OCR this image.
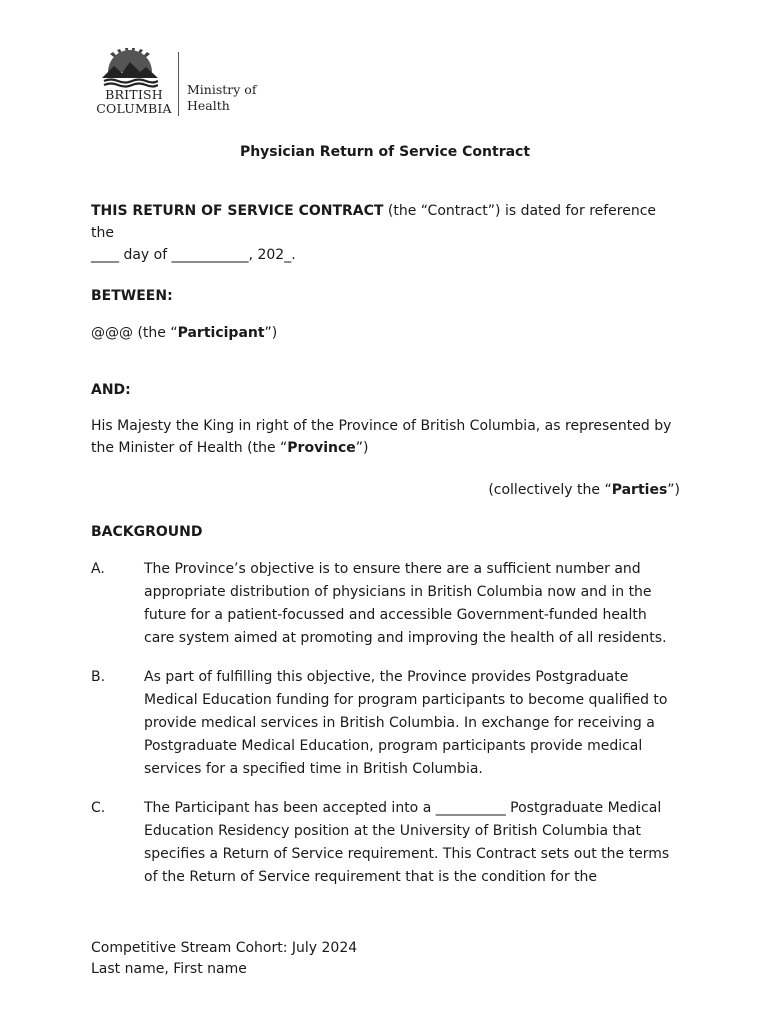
BRITISH
COLUMBIA
Ministry of
Health
Physician Return of Service Contract
THIS RETURN OF SERVICE CONTRACT (the “Contract”) is dated for reference the
____ day of ___________, 202_.
BETWEEN:
@@@ (the “Participant”)
AND:
His Majesty the King in right of the Province of British Columbia, as represented by
the Minister of Health (the “Province”)
(collectively the “Parties”)
BACKGROUND
A.	The Province’s objective is to ensure there are a sufficient number and
appropriate distribution of physicians in British Columbia now and in the
future for a patient-focussed and accessible Government-funded health
care system aimed at promoting and improving the health of all residents.
B.	As part of fulfilling this objective, the Province provides Postgraduate
Medical Education funding for program participants to become qualified to
provide medical services in British Columbia. In exchange for receiving a
Postgraduate Medical Education, program participants provide medical
services for a specified time in British Columbia.
C.	The Participant has been accepted into a __________ Postgraduate Medical
Education Residency position at the University of British Columbia that
specifies a Return of Service requirement. This Contract sets out the terms
of the Return of Service requirement that is the condition for the
Competitive Stream Cohort: July 2024
Last name, First name
